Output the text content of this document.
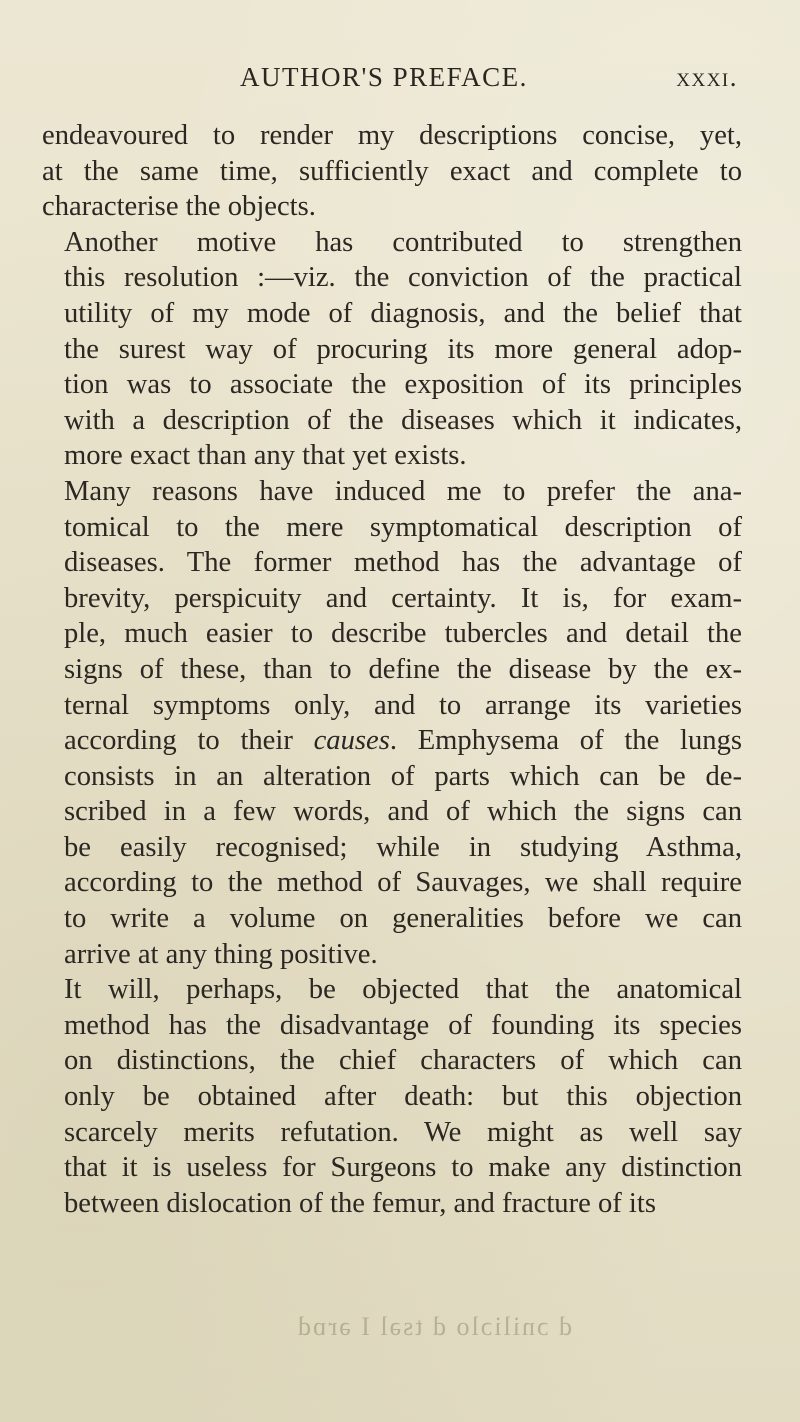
AUTHOR'S PREFACE.	xxxi.

endeavoured to render my descriptions concise, yet,
at the same time, sufficiently exact and complete to
characterise the objects.

Another motive has contributed to strengthen
this resolution :—viz. the conviction of the practical
utility of my mode of diagnosis, and the belief that
the surest way of procuring its more general adop-
tion was to associate the exposition of its principles
with a description of the diseases which it indicates,
more exact than any that yet exists.

Many reasons have induced me to prefer the ana-
tomical to the mere symptomatical description of
diseases. The former method has the advantage of
brevity, perspicuity and certainty. It is, for exam-
ple, much easier to describe tubercles and detail the
signs of these, than to define the disease by the ex-
ternal symptoms only, and to arrange its varieties
according to their causes. Emphysema of the lungs
consists in an alteration of parts which can be de-
scribed in a few words, and of which the signs can
be easily recognised; while in studying Asthma,
according to the method of Sauvages, we shall require
to write a volume on generalities before we can
arrive at any thing positive.

It will, perhaps, be objected that the anatomical
method has the disadvantage of founding its species
on distinctions, the chief characters of which can
only be obtained after death: but this objection
scarcely merits refutation. We might as well say
that it is useless for Surgeons to make any distinction
between dislocation of the femur, and fracture of its

d ɔniliɔlo d tsəl I ərɒd
